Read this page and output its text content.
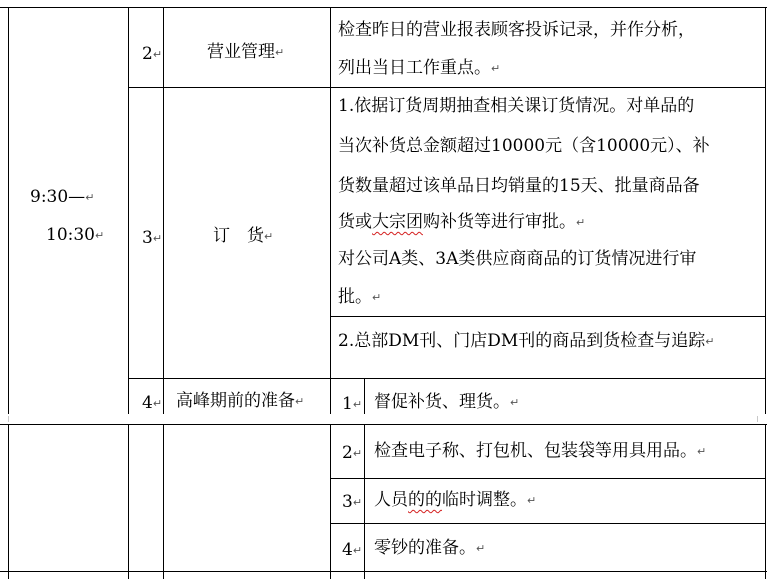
9:30—↵
10:30↵
2↵	营业管理↵
检查昨日的营业报表顾客投诉记录，并作分析，
列出当日工作重点。↵
3↵	订　货↵
1.依据订货周期抽查相关课订货情况。对单品的
当次补货总金额超过10000元（含10000元）、补
货数量超过该单品日均销量的15天、批量商品备
货或大宗团购补货等进行审批。↵
对公司A类、3A类供应商商品的订货情况进行审
批。↵
2.总部DM刊、门店DM刊的商品到货检查与追踪↵
4↵ 高峰期前的准备↵ 1↵ 督促补货、理货。↵
2↵ 检查电子称、打包机、包装袋等用具用品。↵
3↵ 人员的的临时调整。↵
4↵ 零钞的准备。↵
